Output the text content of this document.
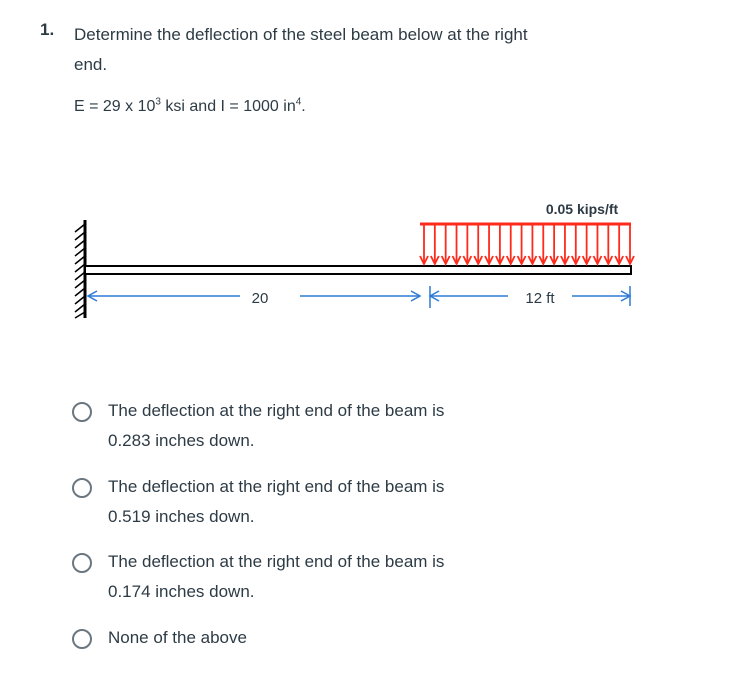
1. Determine the deflection of the steel beam below at the right end.
E = 29 x $10^3$ ksi and I = 1000 $in^4$.
0.05 kips/ft
20	12 ft
The deflection at the right end of the beam is 0.283 inches down.
The deflection at the right end of the beam is 0.519 inches down.
The deflection at the right end of the beam is 0.174 inches down.
None of the above
